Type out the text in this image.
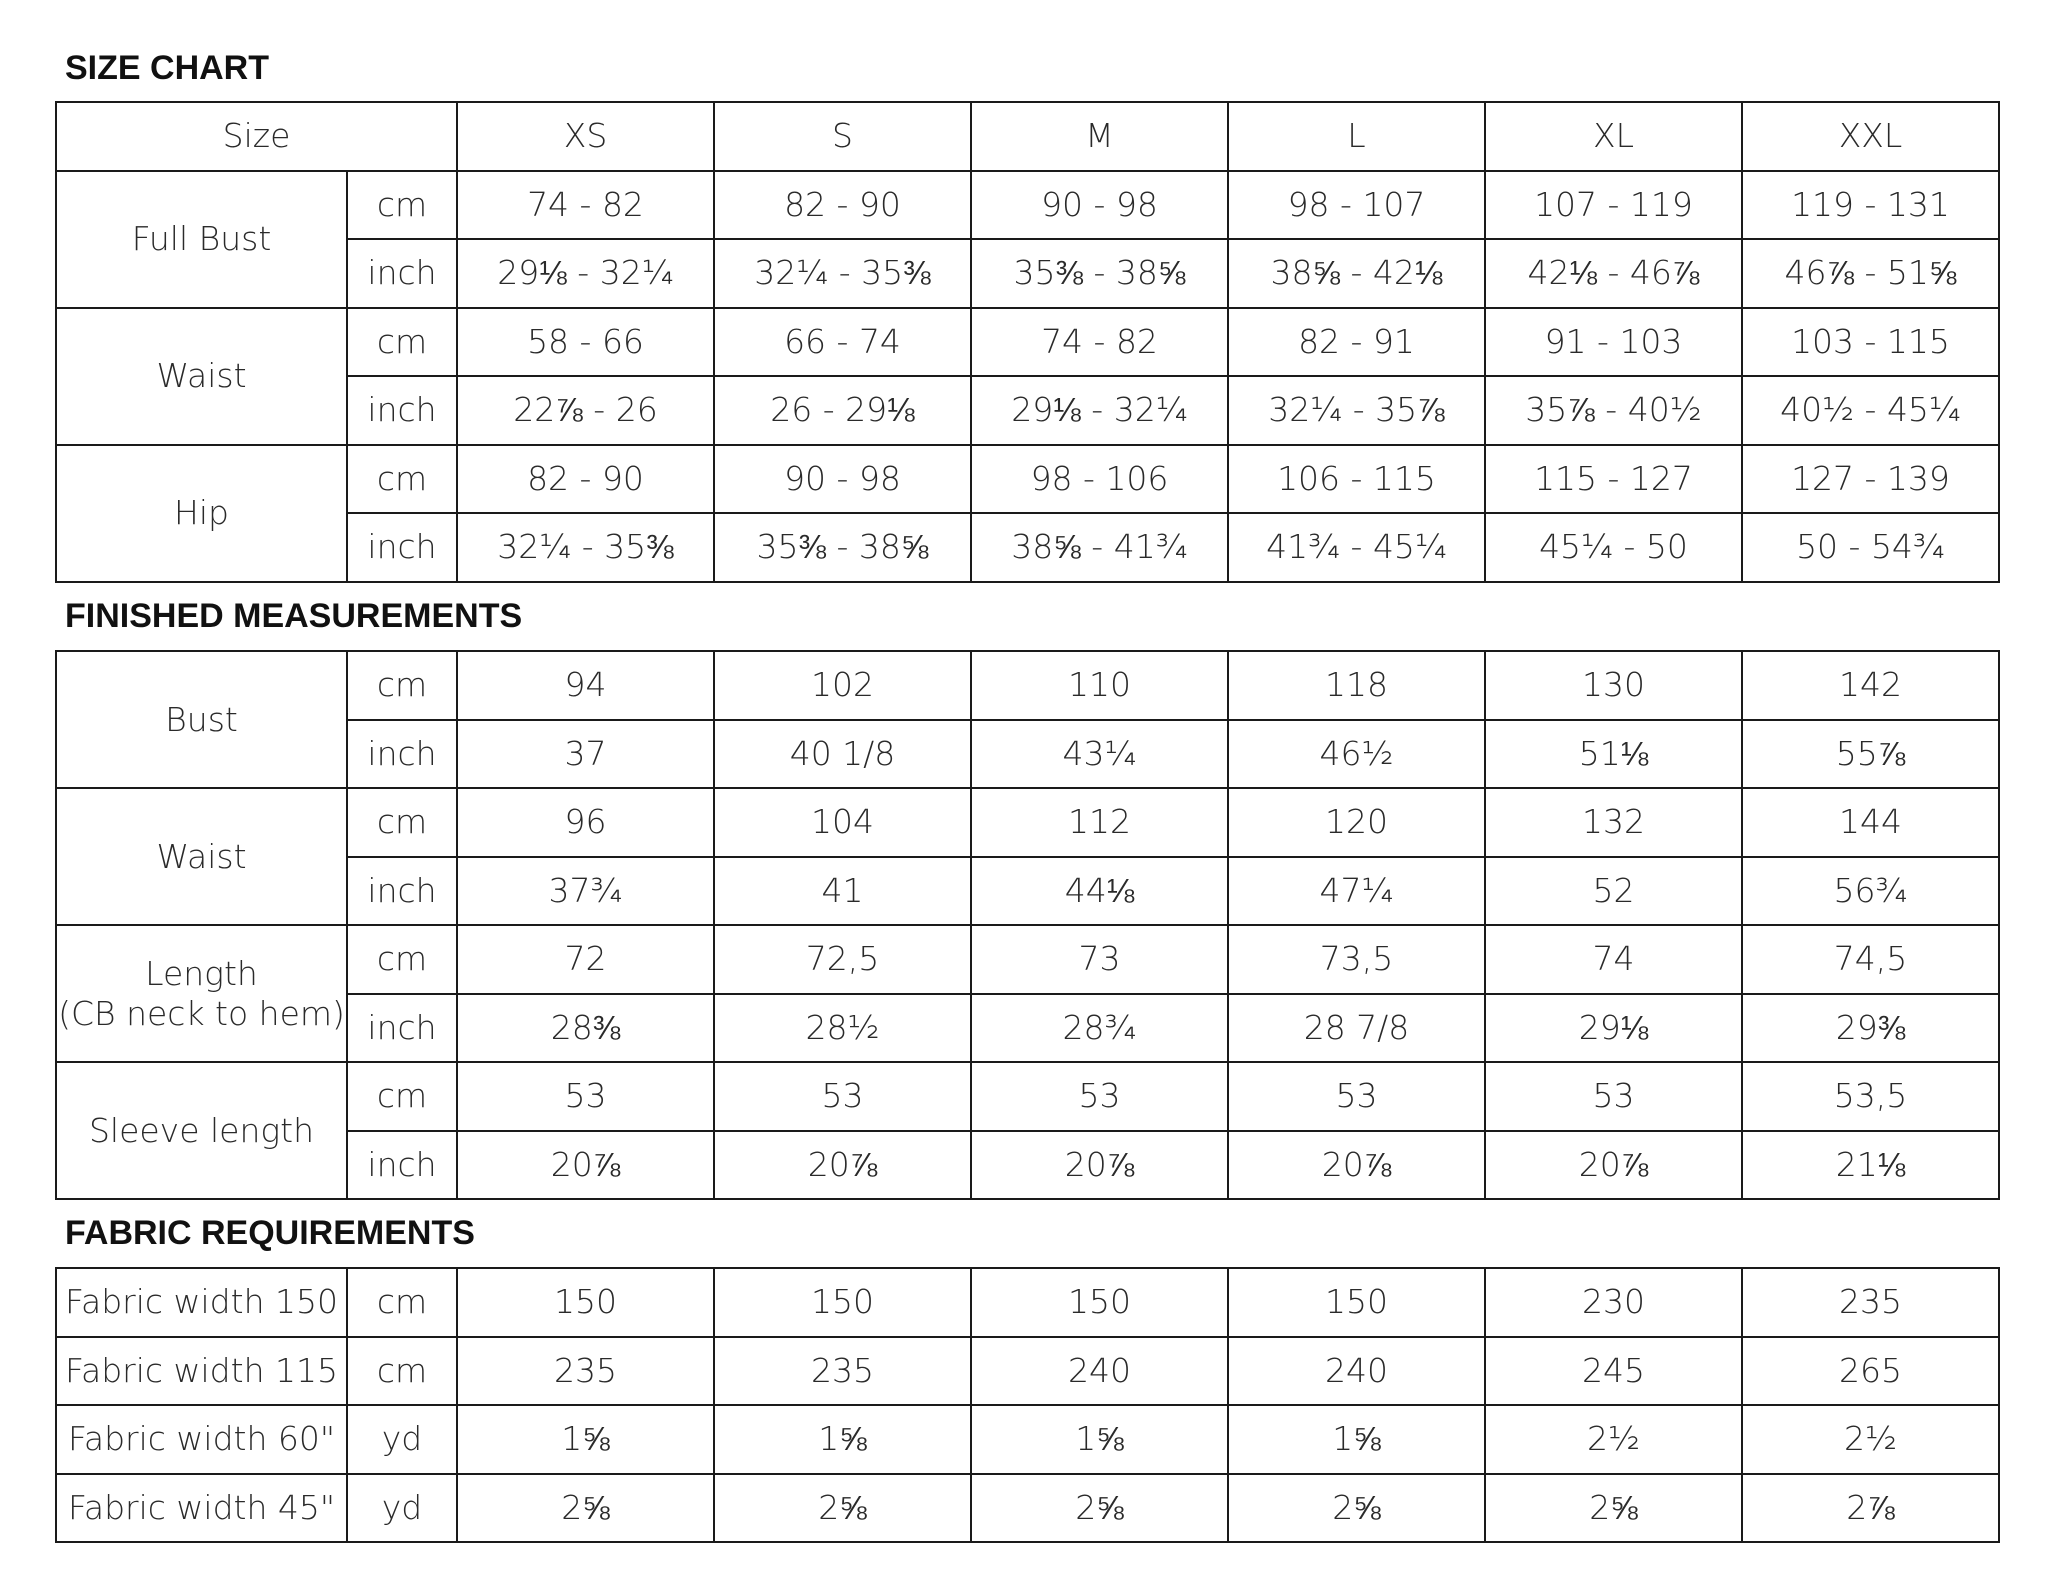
SIZE CHART
Size		XS	S	M	L	XL	XXL
Full Bust	cm	74 - 82	82 - 90	90 - 98	98 - 107	107 - 119	119 - 131
	inch	29⅛ - 32¼	32¼ - 35⅜	35⅜ - 38⅝	38⅝ - 42⅛	42⅛ - 46⅞	46⅞ - 51⅝
Waist	cm	58 - 66	66 - 74	74 - 82	82 - 91	91 - 103	103 - 115
	inch	22⅞ - 26	26 - 29⅛	29⅛ - 32¼	32¼ - 35⅞	35⅞ - 40½	40½ - 45¼
Hip	cm	82 - 90	90 - 98	98 - 106	106 - 115	115 - 127	127 - 139
	inch	32¼ - 35⅜	35⅜ - 38⅝	38⅝ - 41¾	41¾ - 45¼	45¼ - 50	50 - 54¾
FINISHED MEASUREMENTS
Bust	cm	94	102	110	118	130	142
	inch	37	40 1/8	43¼	46½	51⅛	55⅞
Waist	cm	96	104	112	120	132	144
	inch	37¾	41	44⅛	47¼	52	56¾

Length
(CB neck to hem)	cm	72	72,5	73	73,5	74	74,5
	inch	28⅜	28½	28¾	28 7/8	29⅛	29⅜
Sleeve length	cm	53	53	53	53	53	53,5
	inch	20⅞	20⅞	20⅞	20⅞	20⅞	21⅛
FABRIC REQUIREMENTS
Fabric width 150	cm	150	150	150	150	230	235
Fabric width 115	cm	235	235	240	240	245	265
Fabric width 60"	yd	1⅝	1⅝	1⅝	1⅝	2½	2½
Fabric width 45"	yd	2⅝	2⅝	2⅝	2⅝	2⅝	2⅞
